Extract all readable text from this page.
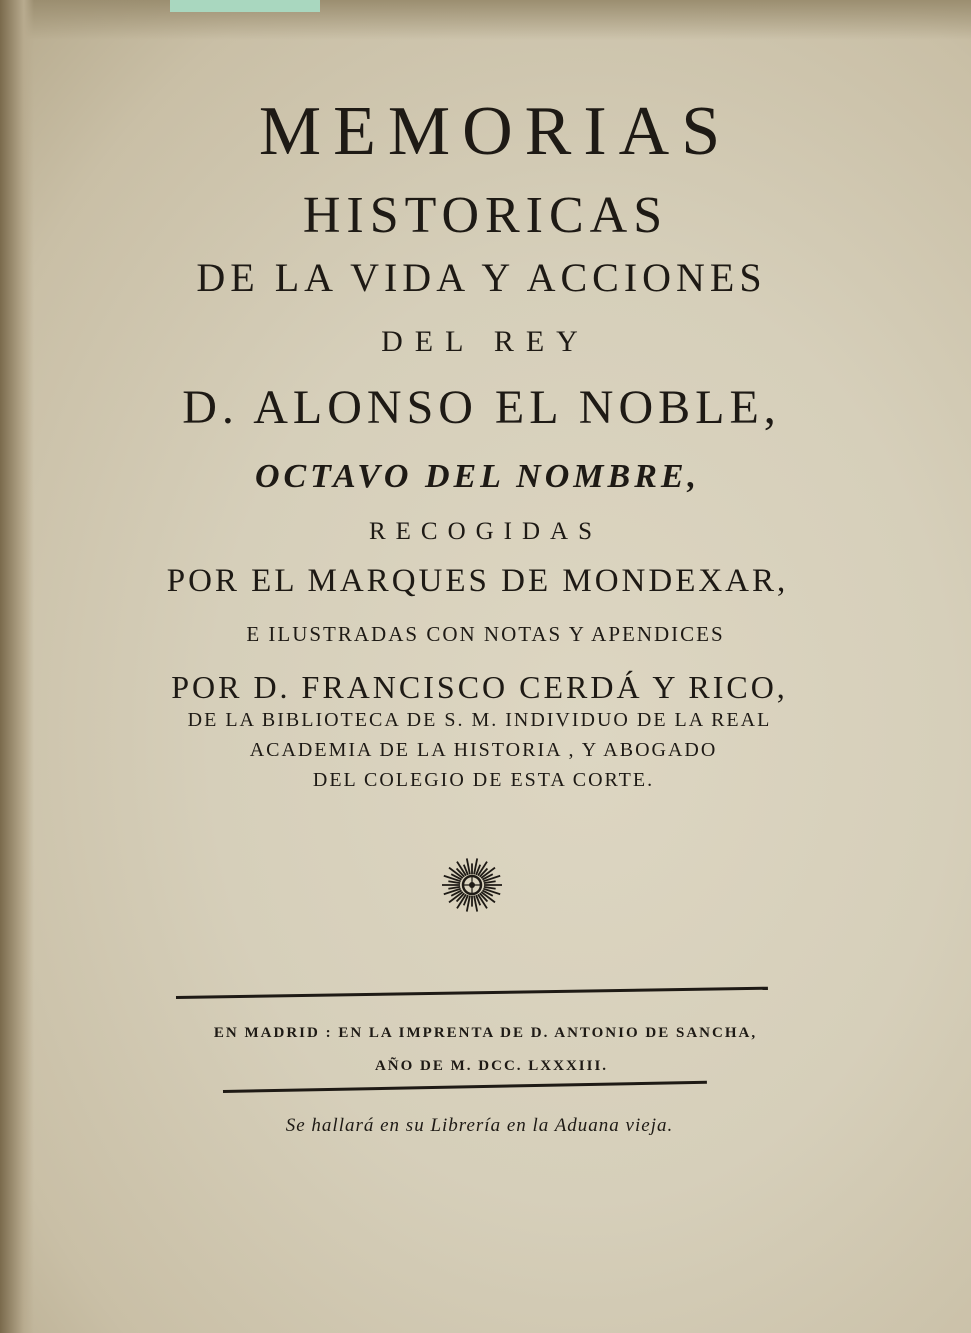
MEMORIAS
HISTORICAS
DE LA VIDA Y ACCIONES
DEL REY
D. ALONSO EL NOBLE,
OCTAVO DEL NOMBRE,
RECOGIDAS
POR EL MARQUES DE MONDEXAR,
E ILUSTRADAS CON NOTAS Y APENDICES
POR D. FRANCISCO CERDÁ Y RICO,
DE LA BIBLIOTECA DE S. M. INDIVIDUO DE LA REAL
ACADEMIA DE LA HISTORIA , Y ABOGADO
DEL COLEGIO DE ESTA CORTE.
EN MADRID : EN LA IMPRENTA DE D. ANTONIO DE SANCHA,
AÑO DE M. DCC. LXXXIII.
Se hallará en su Librería en la Aduana vieja.
